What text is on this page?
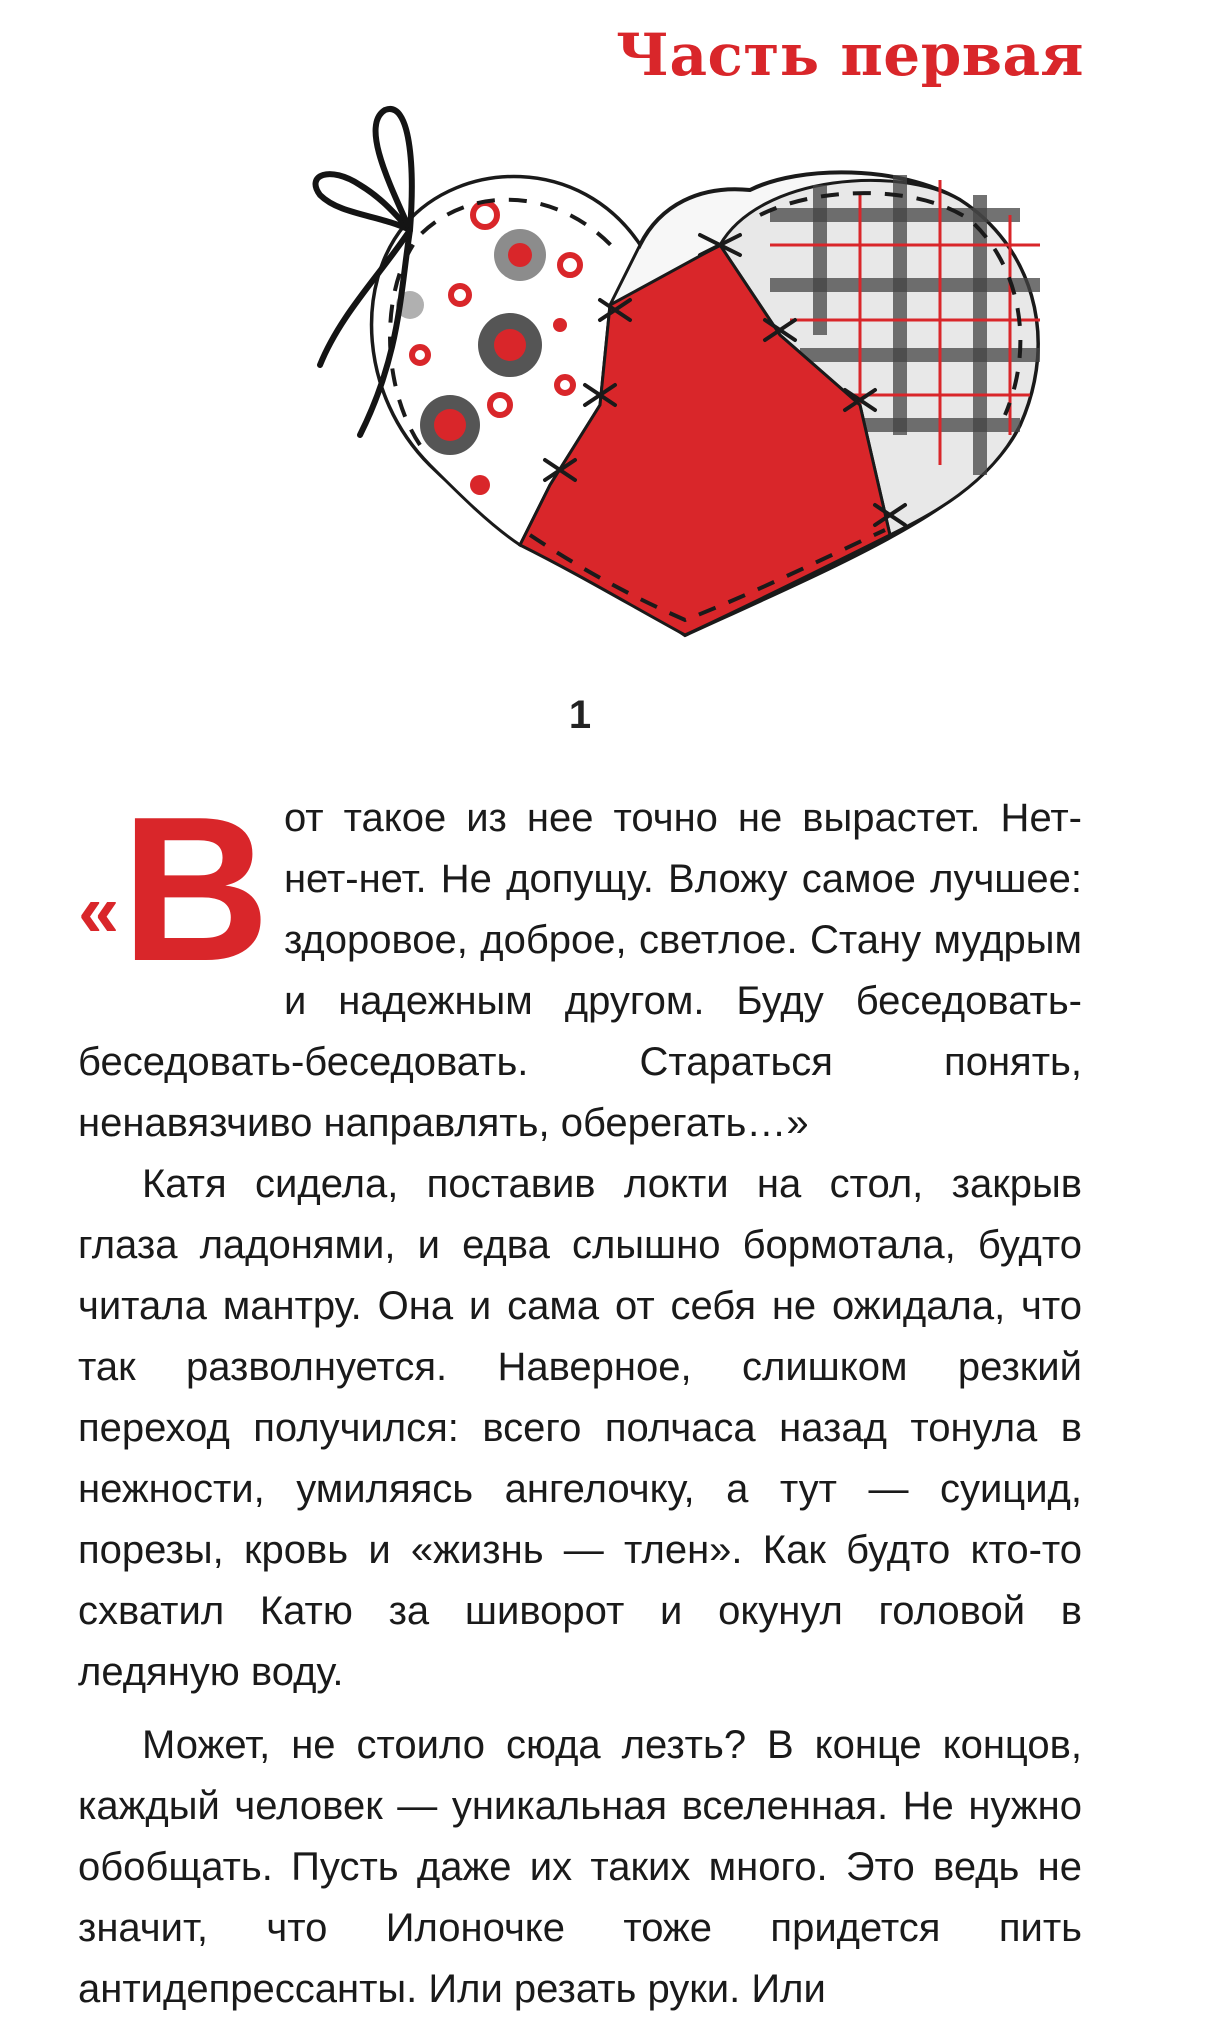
Часть первая
1

« В от такое из нее точно не вырастет. Нет-нет-нет. Не допущу. Вложу самое лучшее: здоровое, доброе, светлое. Стану мудрым и надежным другом. Буду беседовать-беседовать-беседовать. Стараться понять, ненавязчиво направлять, оберегать…»

Катя сидела, поставив локти на стол, закрыв глаза ладонями, и едва слышно бормотала, будто читала мантру. Она и сама от себя не ожидала, что так разволнуется. Наверное, слишком резкий переход получился: всего полчаса назад тонула в нежности, умиляясь ангелочку, а тут — суицид, порезы, кровь и «жизнь — тлен». Как будто кто-то схватил Катю за шиворот и окунул головой в ледяную воду.

Может, не стоило сюда лезть? В конце концов, каждый человек — уникальная вселенная. Не нужно обобщать. Пусть даже их таких много. Это ведь не значит, что Илоночке тоже придется пить антидепрессанты. Или резать руки. Или
